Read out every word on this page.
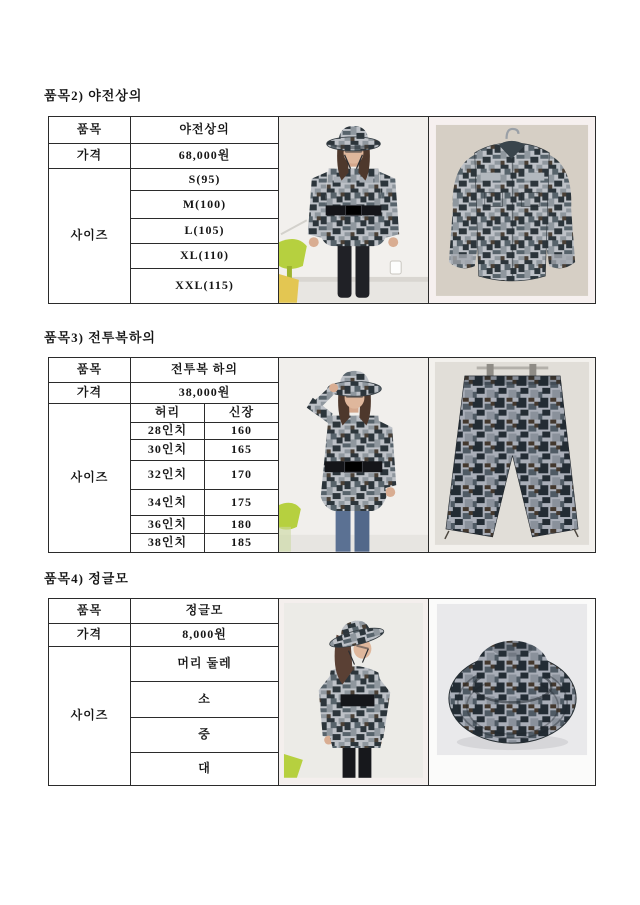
품목2) 야전상의
품목	야전상의	

가격	68,000원		
사이즈	S(95)		
	M(100)		
	L(105)		
	XL(110)		
	XXL(115)		
품목3) 전투복하의
품목	전투복 하의	

가격	38,000원			
사이즈	허리	신장		
	28인치	160		
	30인치	165		
	32인치	170		
	34인치	175		
	36인치	180		
	38인치	185		
품목4) 정글모
품목	정글모	

가격	8,000원		
사이즈	머리 둘레		
	소		
	중		
	대		
